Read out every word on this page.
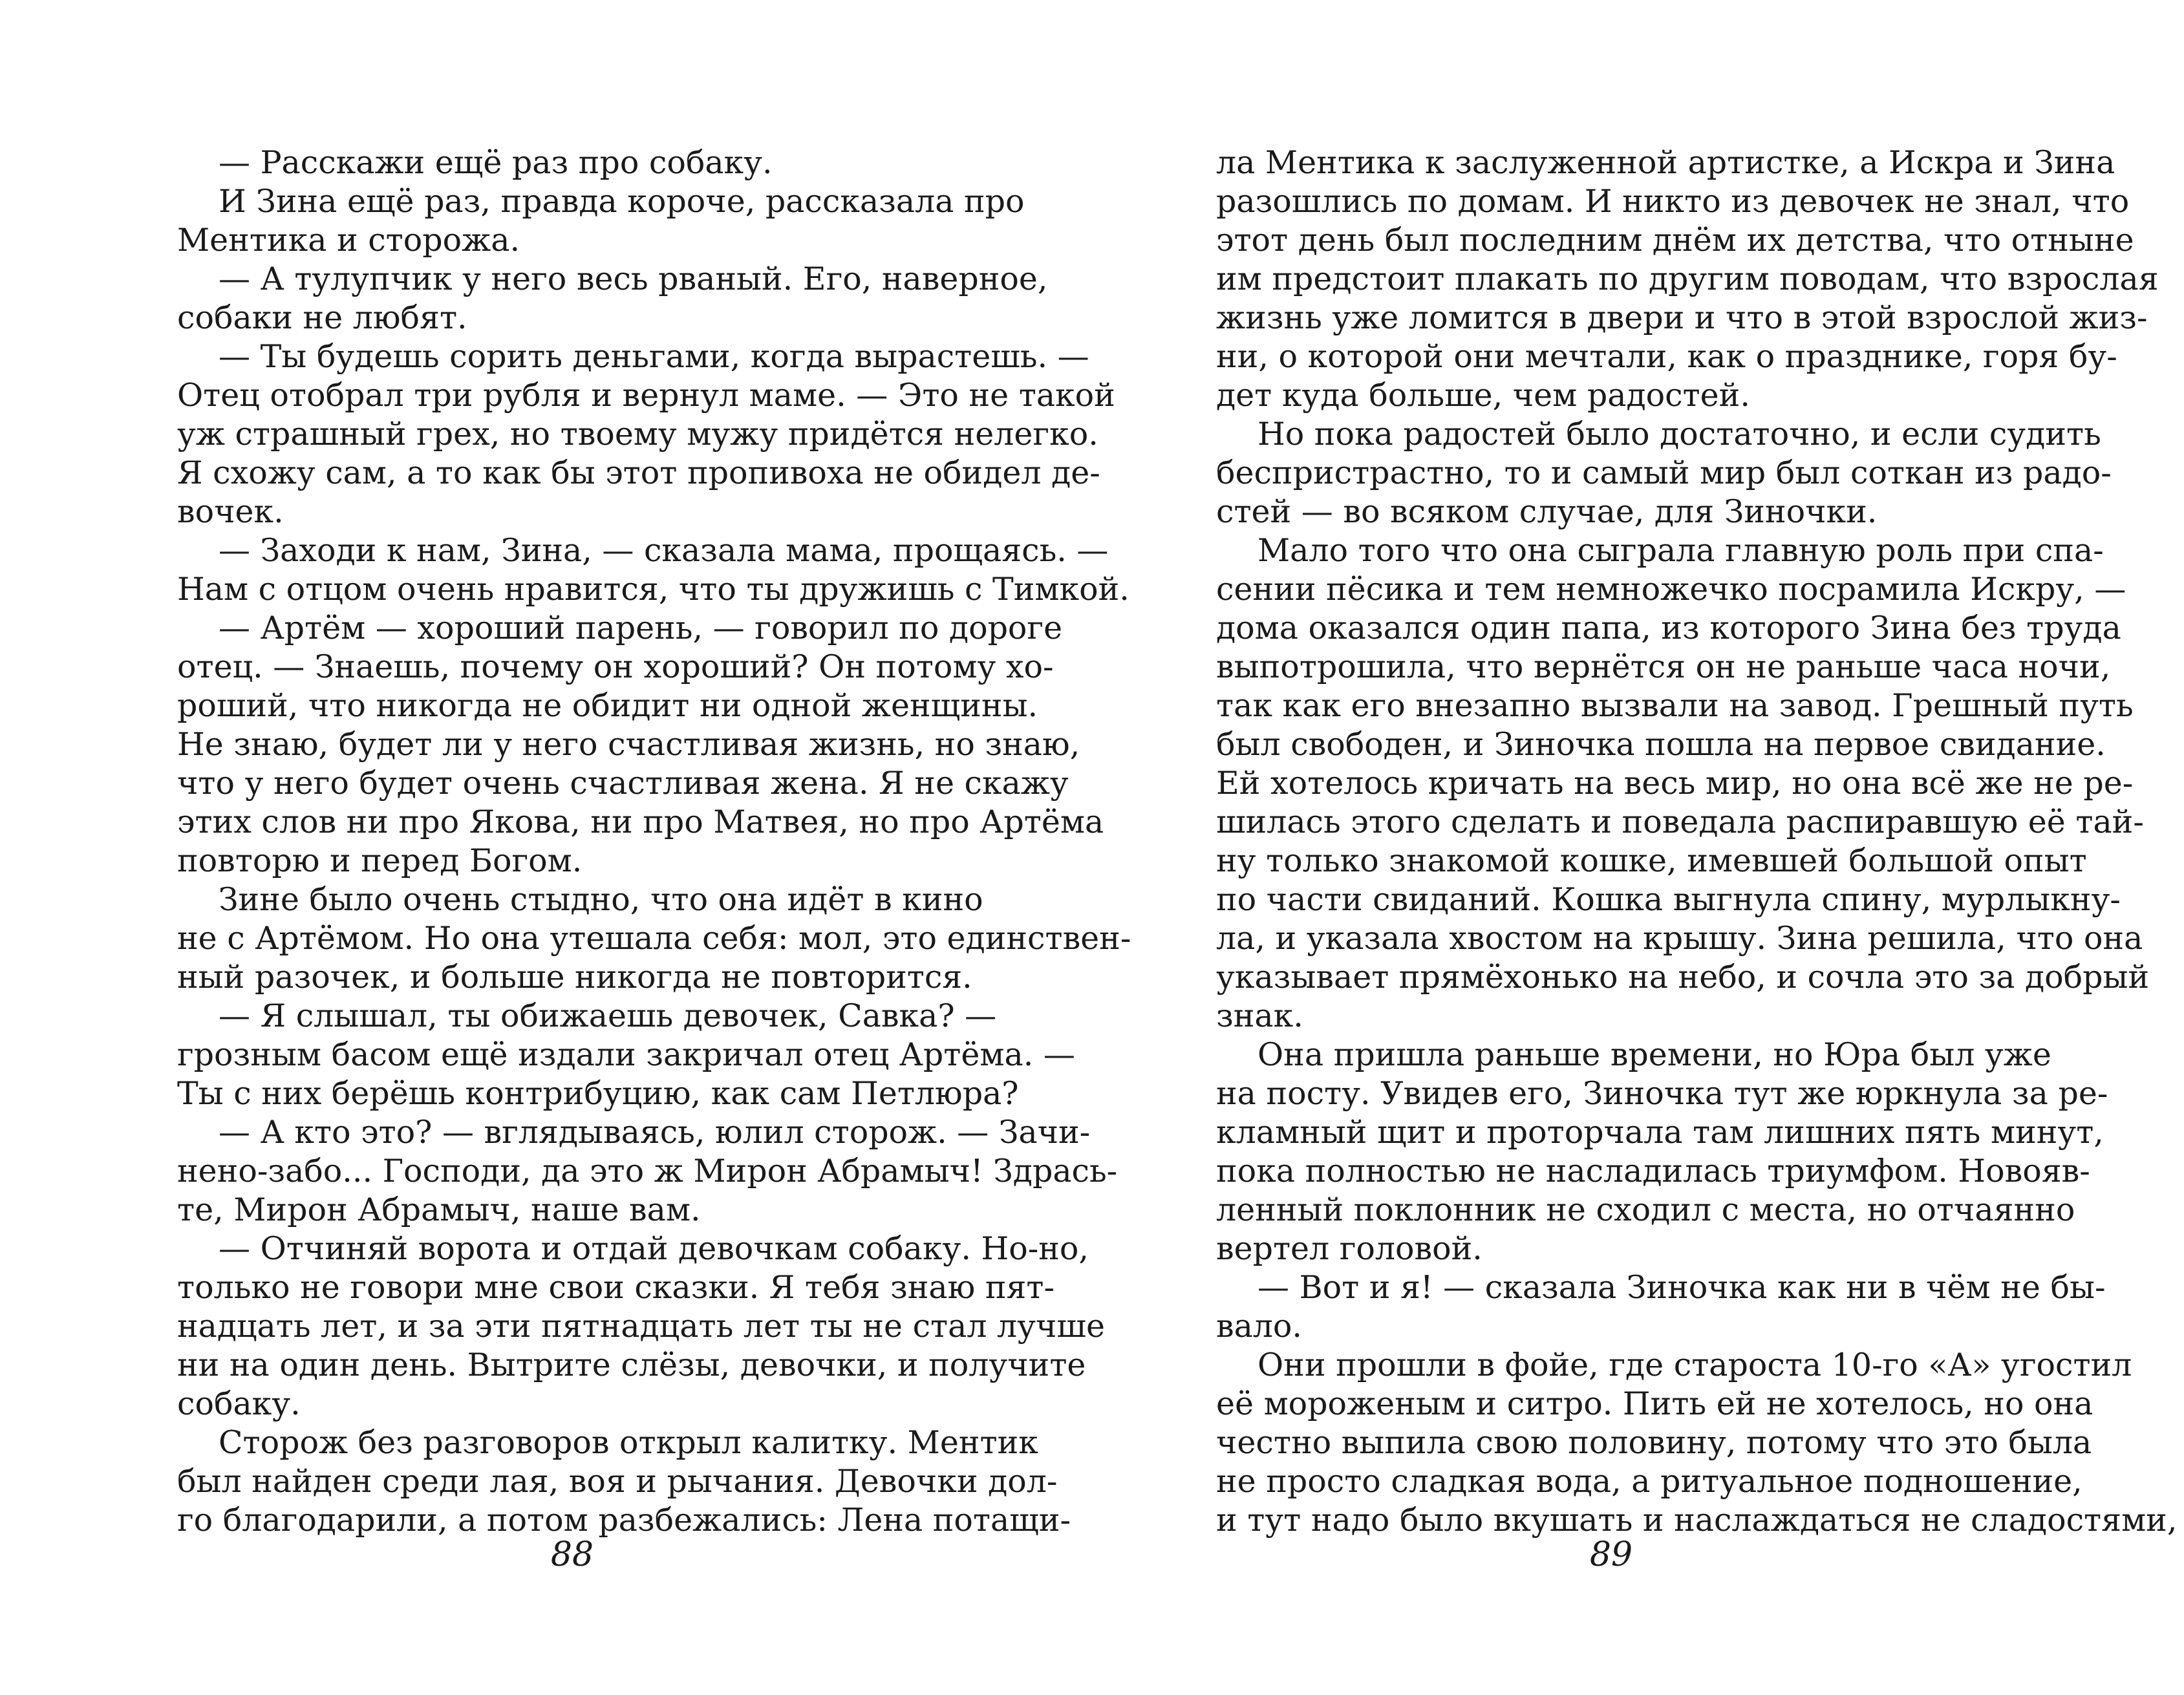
— Расскажи ещё раз про собаку.
И Зина ещё раз, правда короче, рассказала про
Ментика и сторожа.
— А тулупчик у него весь рваный. Его, наверное,
собаки не любят.
— Ты будешь сорить деньгами, когда вырастешь. —
Отец отобрал три рубля и вернул маме. — Это не такой
уж страшный грех, но твоему мужу придётся нелегко.
Я схожу сам, а то как бы этот пропивоха не обидел де-
вочек.
— Заходи к нам, Зина, — сказала мама, прощаясь. —
Нам с отцом очень нравится, что ты дружишь с Тимкой.
— Артём — хороший парень, — говорил по дороге
отец. — Знаешь, почему он хороший? Он потому хо-
роший, что никогда не обидит ни одной женщины.
Не знаю, будет ли у него счастливая жизнь, но знаю,
что у него будет очень счастливая жена. Я не скажу
этих слов ни про Якова, ни про Матвея, но про Артёма
повторю и перед Богом.
Зине было очень стыдно, что она идёт в кино
не с Артёмом. Но она утешала себя: мол, это единствен-
ный разочек, и больше никогда не повторится.
— Я слышал, ты обижаешь девочек, Савка? —
грозным басом ещё издали закричал отец Артёма. —
Ты с них берёшь контрибуцию, как сам Петлюра?
— А кто это? — вглядываясь, юлил сторож. — Зачи-
нено-забо... Господи, да это ж Мирон Абрамыч! Здрась-
те, Мирон Абрамыч, наше вам.
— Отчиняй ворота и отдай девочкам собаку. Но-но,
только не говори мне свои сказки. Я тебя знаю пят-
надцать лет, и за эти пятнадцать лет ты не стал лучше
ни на один день. Вытрите слёзы, девочки, и получите
собаку.
Сторож без разговоров открыл калитку. Ментик
был найден среди лая, воя и рычания. Девочки дол-
го благодарили, а потом разбежались: Лена потащи-
88
ла Ментика к заслуженной артистке, а Искра и Зина
разошлись по домам. И никто из девочек не знал, что
этот день был последним днём их детства, что отныне
им предстоит плакать по другим поводам, что взрослая
жизнь уже ломится в двери и что в этой взрослой жиз-
ни, о которой они мечтали, как о празднике, горя бу-
дет куда больше, чем радостей.
Но пока радостей было достаточно, и если судить
беспристрастно, то и самый мир был соткан из радо-
стей — во всяком случае, для Зиночки.
Мало того что она сыграла главную роль при спа-
сении пёсика и тем немножечко посрамила Искру, —
дома оказался один папа, из которого Зина без труда
выпотрошила, что вернётся он не раньше часа ночи,
так как его внезапно вызвали на завод. Грешный путь
был свободен, и Зиночка пошла на первое свидание.
Ей хотелось кричать на весь мир, но она всё же не ре-
шилась этого сделать и поведала распиравшую её тай-
ну только знакомой кошке, имевшей большой опыт
по части свиданий. Кошка выгнула спину, мурлыкну-
ла, и указала хвостом на крышу. Зина решила, что она
указывает прямёхонько на небо, и сочла это за добрый
знак.
Она пришла раньше времени, но Юра был уже
на посту. Увидев его, Зиночка тут же юркнула за ре-
кламный щит и проторчала там лишних пять минут,
пока полностью не насладилась триумфом. Новояв-
ленный поклонник не сходил с места, но отчаянно
вертел головой.
— Вот и я! — сказала Зиночка как ни в чём не бы-
вало.
Они прошли в фойе, где староста 10-го «А» угостил
её мороженым и ситро. Пить ей не хотелось, но она
честно выпила свою половину, потому что это была
не просто сладкая вода, а ритуальное подношение,
и тут надо было вкушать и наслаждаться не сладостями,
89
